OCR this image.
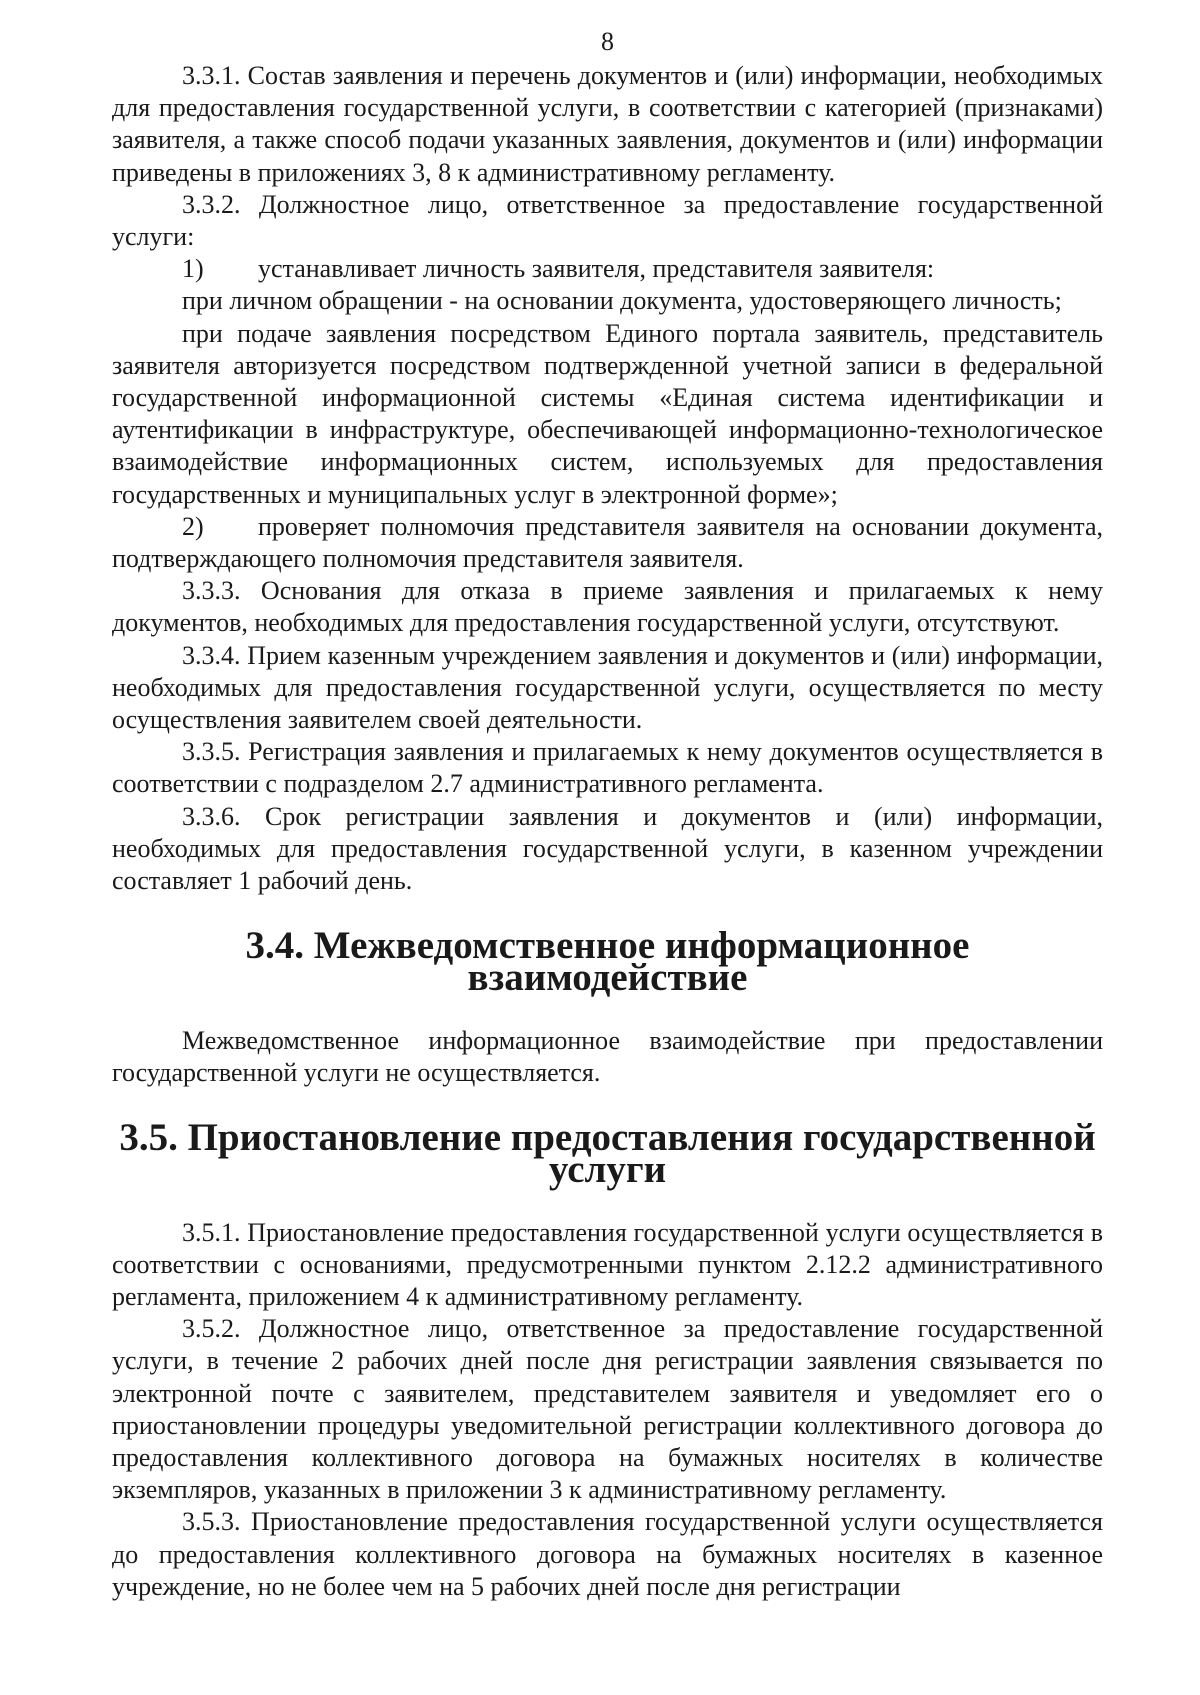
8

3.3.1. Состав заявления и перечень документов и (или) информации, необходимых для предоставления государственной услуги, в соответствии с категорией (признаками) заявителя, а также способ подачи указанных заявления, документов и (или) информации приведены в приложениях 3, 8 к административному регламенту.

3.3.2. Должностное лицо, ответственное за предоставление государственной услуги:

1) устанавливает личность заявителя, представителя заявителя:

при личном обращении - на основании документа, удостоверяющего личность;

при подаче заявления посредством Единого портала заявитель, представитель заявителя авторизуется посредством подтвержденной учетной записи в федеральной государственной информационной системы «Единая система идентификации и аутентификации в инфраструктуре, обеспечивающей информационно-технологическое взаимодействие информационных систем, используемых для предоставления государственных и муниципальных услуг в электронной форме»;

2) проверяет полномочия представителя заявителя на основании документа, подтверждающего полномочия представителя заявителя.

3.3.3. Основания для отказа в приеме заявления и прилагаемых к нему документов, необходимых для предоставления государственной услуги, отсутствуют.

3.3.4. Прием казенным учреждением заявления и документов и (или) информации, необходимых для предоставления государственной услуги, осуществляется по месту осуществления заявителем своей деятельности.

3.3.5. Регистрация заявления и прилагаемых к нему документов осуществляется в соответствии с подразделом 2.7 административного регламента.

3.3.6. Срок регистрации заявления и документов и (или) информации, необходимых для предоставления государственной услуги, в казенном учреждении составляет 1 рабочий день.

3.4. Межведомственное информационное взаимодействие

Межведомственное информационное взаимодействие при предоставлении государственной услуги не осуществляется.

3.5. Приостановление предоставления государственной услуги

3.5.1. Приостановление предоставления государственной услуги осуществляется в соответствии с основаниями, предусмотренными пунктом 2.12.2 административного регламента, приложением 4 к административному регламенту.

3.5.2. Должностное лицо, ответственное за предоставление государственной услуги, в течение 2 рабочих дней после дня регистрации заявления связывается по электронной почте с заявителем, представителем заявителя и уведомляет его о приостановлении процедуры уведомительной регистрации коллективного договора до предоставления коллективного договора на бумажных носителях в количестве экземпляров, указанных в приложении 3 к административному регламенту.

3.5.3. Приостановление предоставления государственной услуги осуществляется до предоставления коллективного договора на бумажных носителях в казенное учреждение, но не более чем на 5 рабочих дней после дня регистрации
